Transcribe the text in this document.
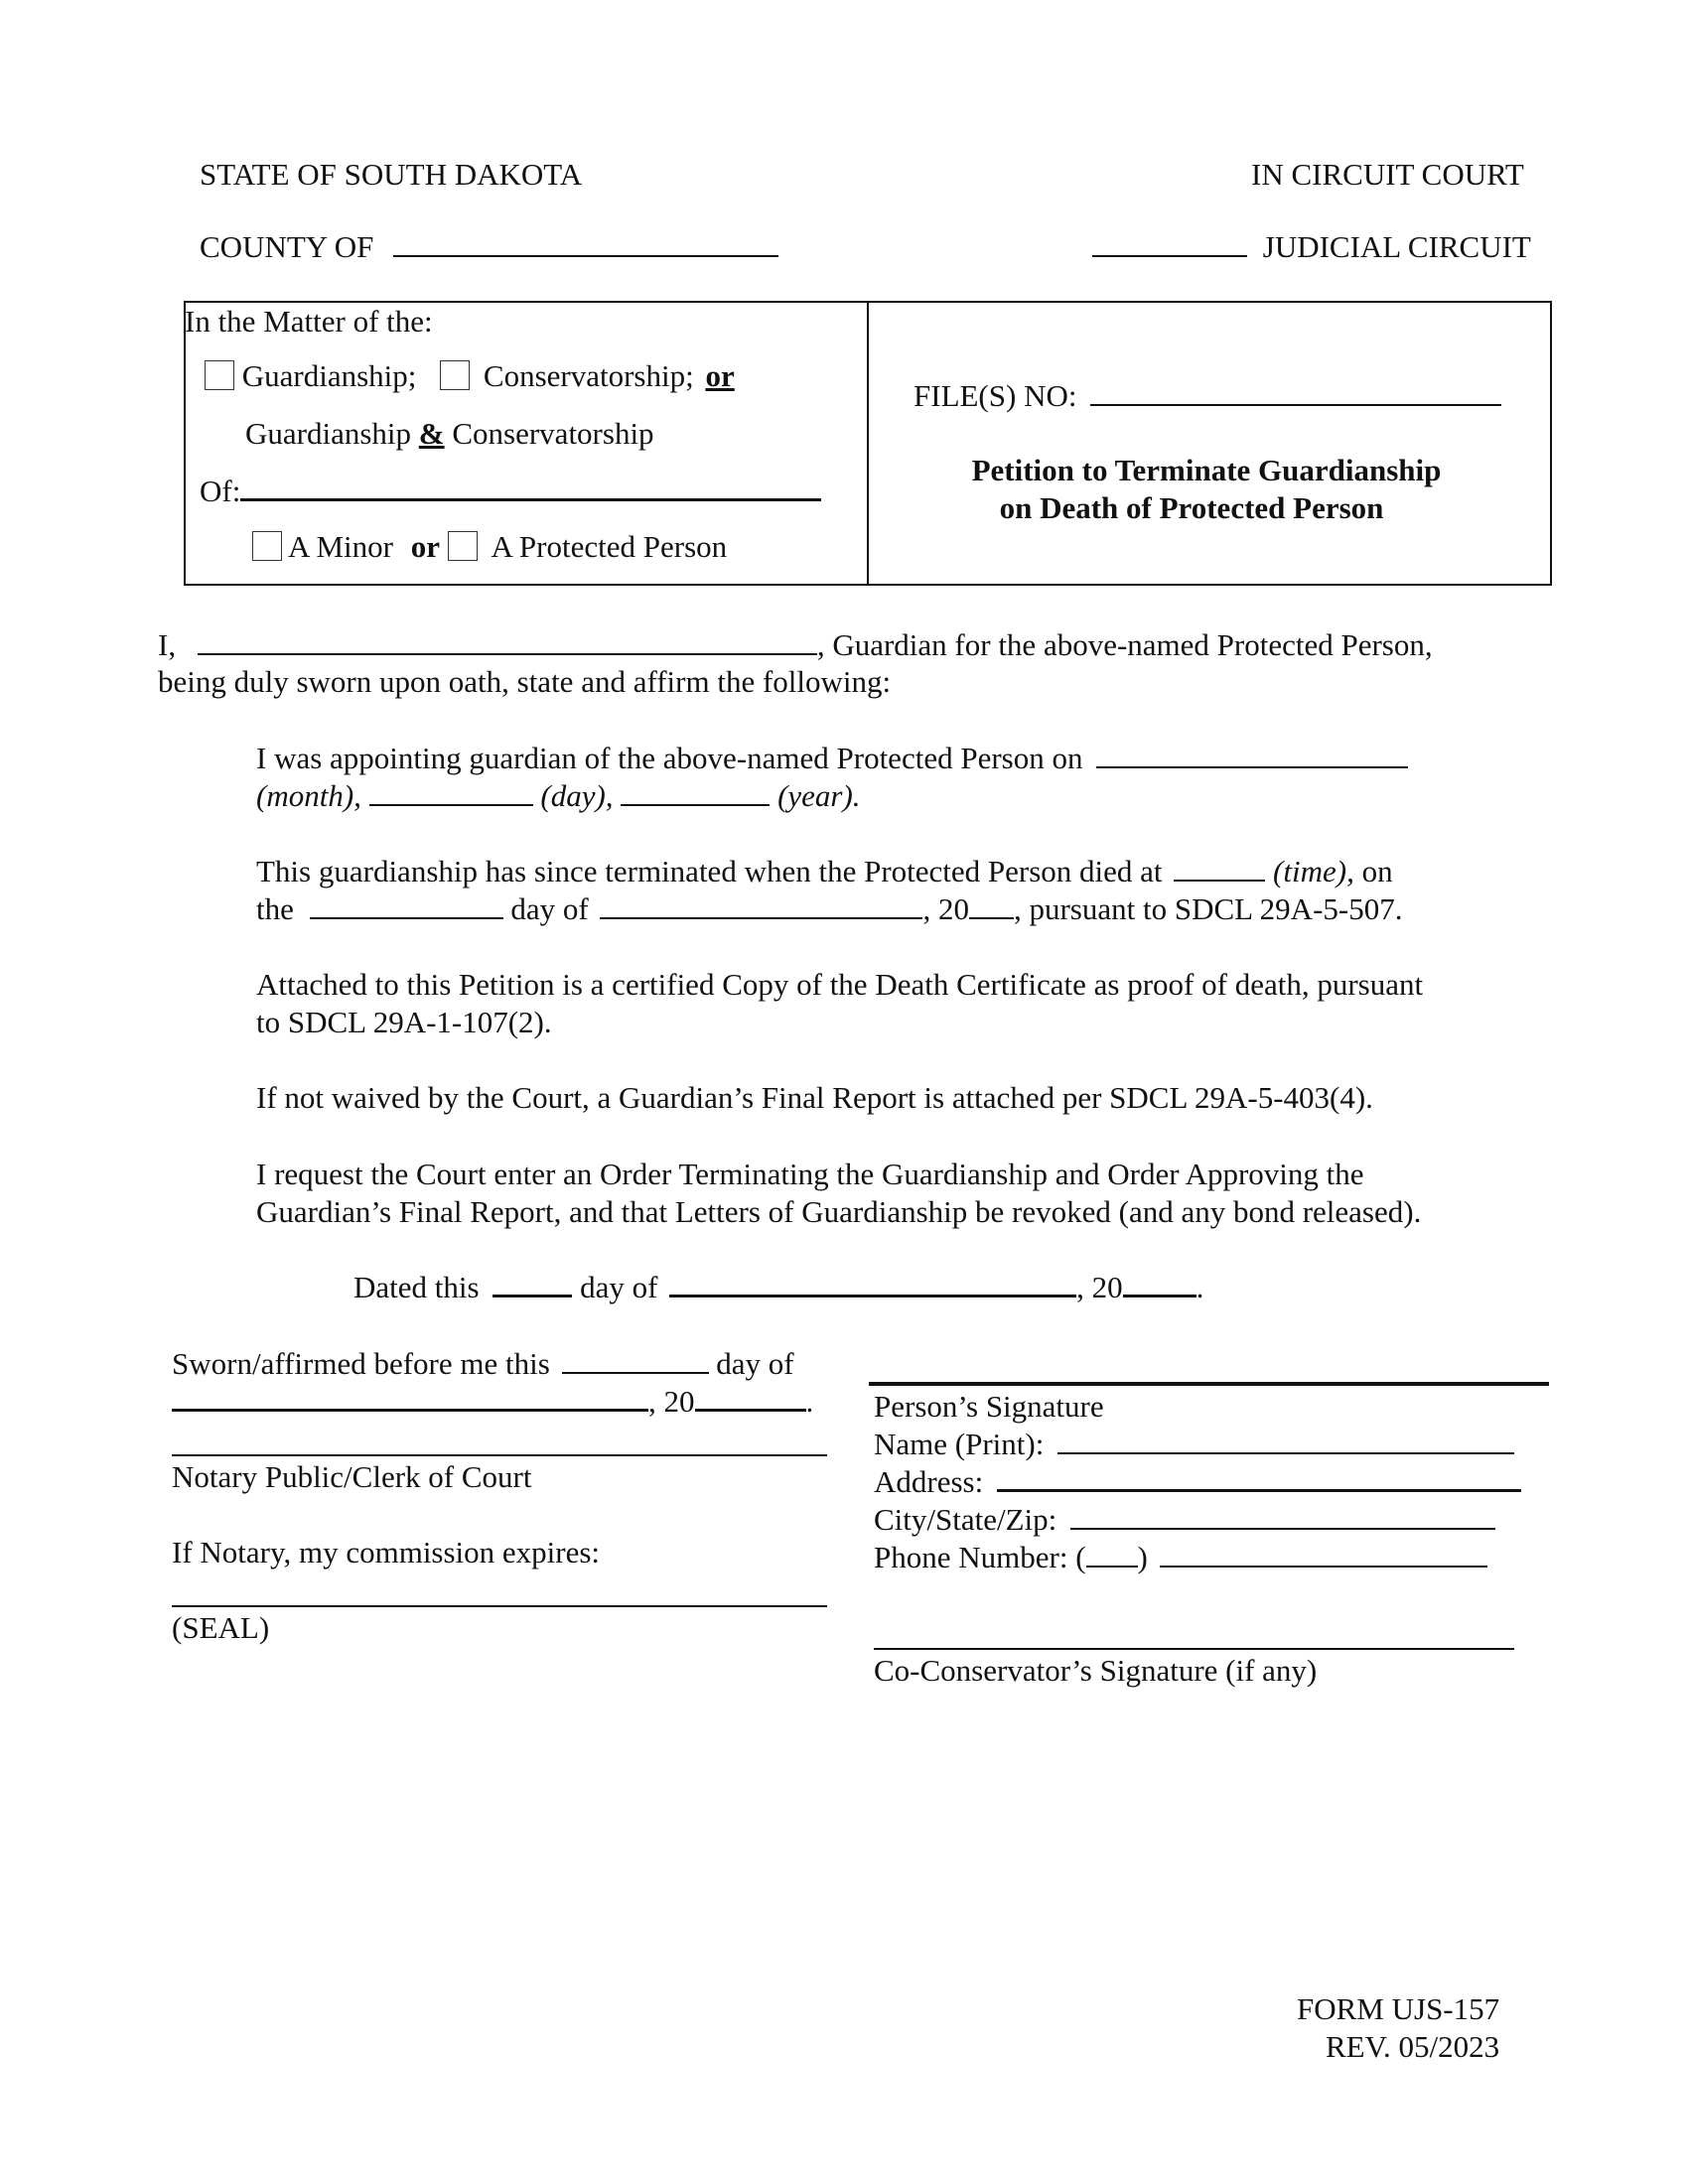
STATE OF SOUTH DAKOTA	IN CIRCUIT COURT
COUNTY OF	JUDICIAL CIRCUIT
In the Matter of the:
Guardianship; Conservatorship; or
Guardianship & Conservatorship
Of:
A Minor or A Protected Person
FILE(S) NO:
Petition to Terminate Guardianship
on Death of Protected Person
I,	, Guardian for the above-named Protected Person,
being duly sworn upon oath, state and affirm the following:
I was appointing guardian of the above-named Protected Person on
(month),	(day),	(year).
This guardianship has since terminated when the Protected Person died at	(time), on
the	day of	, 20 , pursuant to SDCL 29A-5-507.
Attached to this Petition is a certified Copy of the Death Certificate as proof of death, pursuant
to SDCL 29A-1-107(2).
If not waived by the Court, a Guardian’s Final Report is attached per SDCL 29A-5-403(4).
I request the Court enter an Order Terminating the Guardianship and Order Approving the
Guardian’s Final Report, and that Letters of Guardianship be revoked (and any bond released).
Dated this	day of	, 20 .
Sworn/affirmed before me this	day of
, 20	.
Notary Public/Clerk of Court
If Notary, my commission expires:
(SEAL)
Person’s Signature
Name (Print):
Address:
City/State/Zip:
Phone Number: ( )
Co-Conservator’s Signature (if any)
FORM UJS-157
REV. 05/2023
